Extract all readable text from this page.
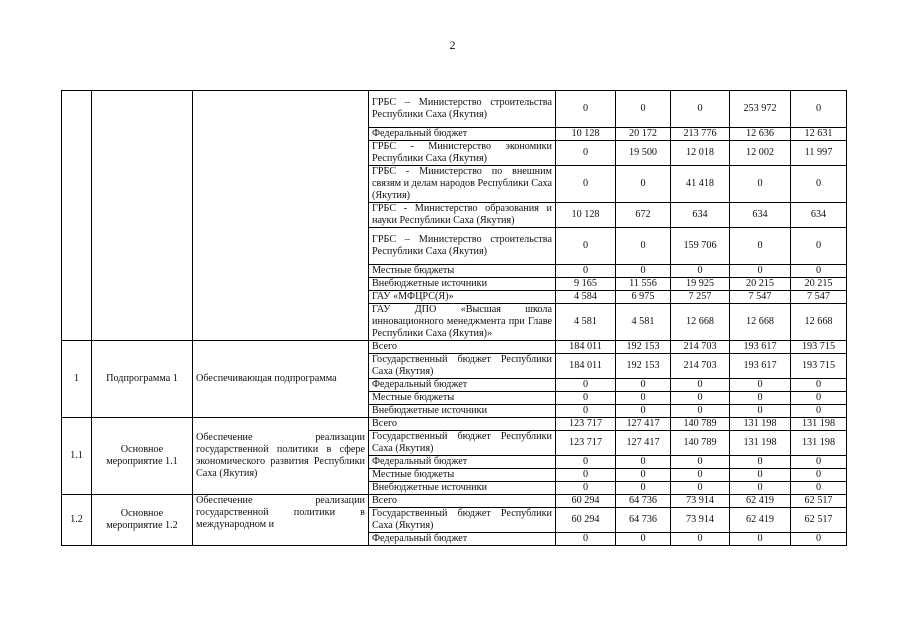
2
			ГРБС – Министерство строительства Республики Саха (Якутия)	0	0	0	253 972	0
			Федеральный бюджет	10 128	20 172	213 776	12 636	12 631
			ГРБС - Министерство экономики Республики Саха (Якутия)	0	19 500	12 018	12 002	11 997
			ГРБС - Министерство по внешним связям и делам народов Республики Саха (Якутия)	0	0	41 418	0	0
			ГРБС - Министерство образования и науки Республики Саха (Якутия)	10 128	672	634	634	634
			ГРБС – Министерство строительства Республики Саха (Якутия)	0	0	159 706	0	0
			Местные бюджеты	0	0	0	0	0
			Внебюджетные источники	9 165	11 556	19 925	20 215	20 215
			ГАУ «МФЦРС(Я)»	4 584	6 975	7 257	7 547	7 547
			ГАУ ДПО «Высшая школа инновационного менеджмента при Главе Республики Саха (Якутия)»	4 581	4 581	12 668	12 668	12 668
1	Подпрограмма 1	Обеспечивающая подпрограмма	Всего	184 011	192 153	214 703	193 617	193 715
			Государственный бюджет Республики Саха (Якутия)	184 011	192 153	214 703	193 617	193 715
			Федеральный бюджет	0	0	0	0	0
			Местные бюджеты	0	0	0	0	0
			Внебюджетные источники	0	0	0	0	0
1.1	Основное мероприятие 1.1	Обеспечение реализации государственной политики в сфере экономического развития Республики Саха (Якутия)	Всего	123 717	127 417	140 789	131 198	131 198
			Государственный бюджет Республики Саха (Якутия)	123 717	127 417	140 789	131 198	131 198
			Федеральный бюджет	0	0	0	0	0
			Местные бюджеты	0	0	0	0	0
			Внебюджетные источники	0	0	0	0	0
1.2	Основное мероприятие 1.2	Обеспечение реализации государственной политики в международном и	Всего	60 294	64 736	73 914	62 419	62 517
			Государственный бюджет Республики Саха (Якутия)	60 294	64 736	73 914	62 419	62 517
			Федеральный бюджет	0	0	0	0	0
